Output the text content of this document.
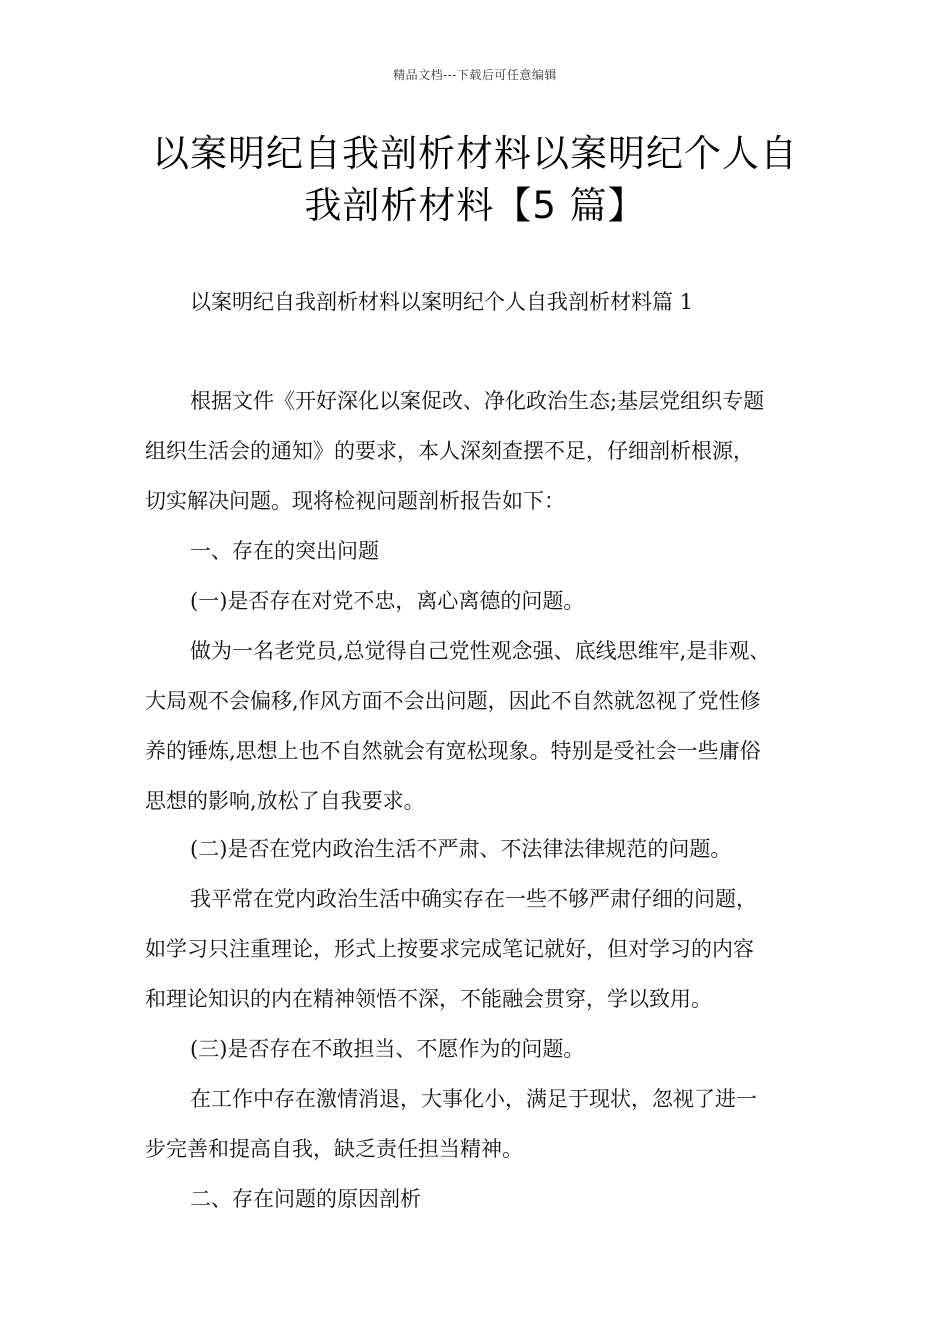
精品文档---下载后可任意编辑
以案明纪自我剖析材料以案明纪个人自
我剖析材料【5 篇】
以案明纪自我剖析材料以案明纪个人自我剖析材料篇 1
根据文件《开好深化以案促改、净化政治生态;基层党组织专题
组织生活会的通知》的要求，本人深刻查摆不足，仔细剖析根源，
切实解决问题。现将检视问题剖析报告如下：
一、存在的突出问题
(一)是否存在对党不忠，离心离德的问题。
做为一名老党员,总觉得自己党性观念强、底线思维牢,是非观、
大局观不会偏移,作风方面不会出问题，因此不自然就忽视了党性修
养的锤炼,思想上也不自然就会有宽松现象。特别是受社会一些庸俗
思想的影响,放松了自我要求。
(二)是否在党内政治生活不严肃、不法律法律规范的问题。
我平常在党内政治生活中确实存在一些不够严肃仔细的问题，
如学习只注重理论，形式上按要求完成笔记就好，但对学习的内容
和理论知识的内在精神领悟不深，不能融会贯穿，学以致用。
(三)是否存在不敢担当、不愿作为的问题。
在工作中存在激情消退，大事化小，满足于现状，忽视了进一
步完善和提高自我，缺乏责任担当精神。
二、存在问题的原因剖析
